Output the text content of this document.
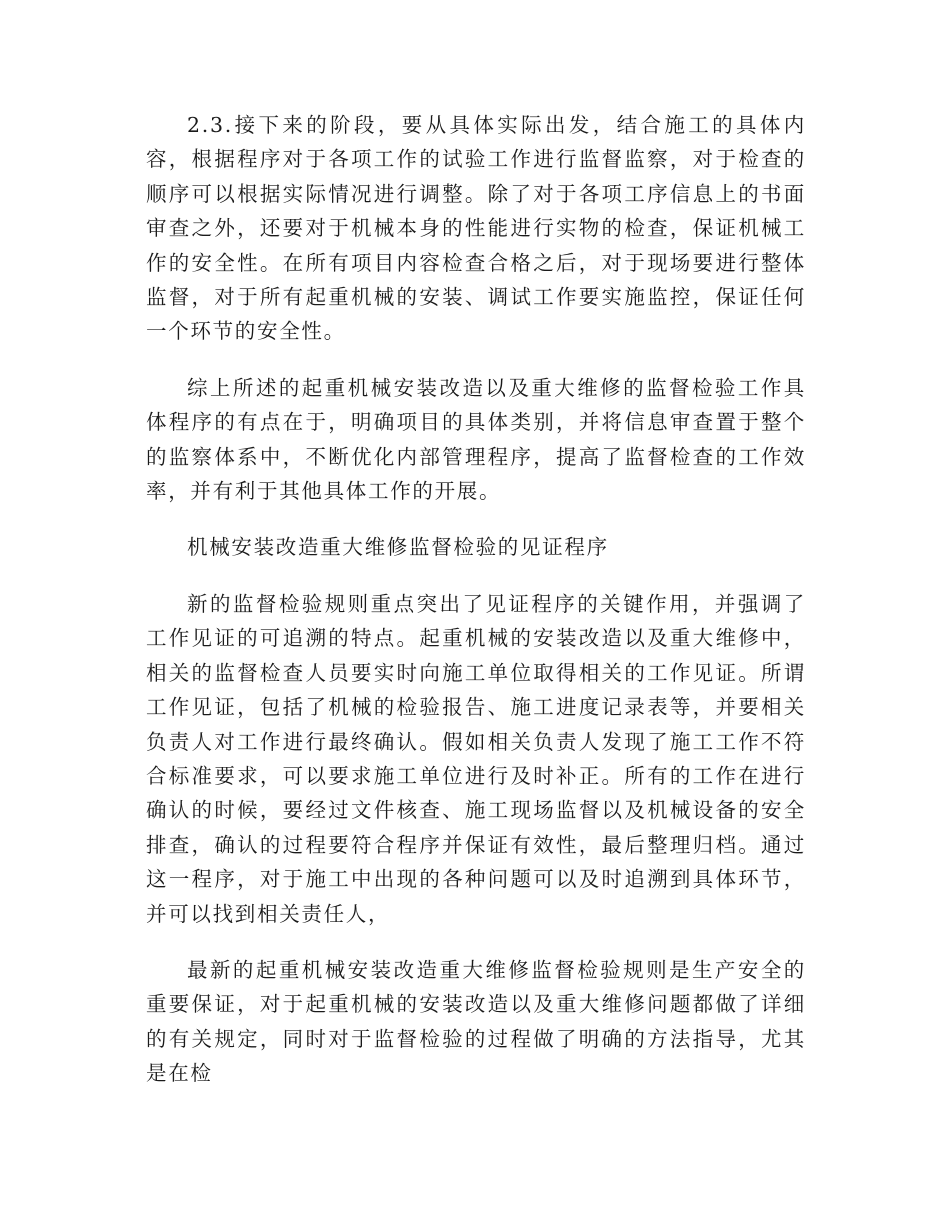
2.3.接下来的阶段，要从具体实际出发，结合施工的具体内容，根据程序对于各项工作的试验工作进行监督监察，对于检查的顺序可以根据实际情况进行调整。除了对于各项工序信息上的书面审查之外，还要对于机械本身的性能进行实物的检查，保证机械工作的安全性。在所有项目内容检查合格之后，对于现场要进行整体监督，对于所有起重机械的安装、调试工作要实施监控，保证任何一个环节的安全性。

综上所述的起重机械安装改造以及重大维修的监督检验工作具体程序的有点在于，明确项目的具体类别，并将信息审查置于整个的监察体系中，不断优化内部管理程序，提高了监督检查的工作效率，并有利于其他具体工作的开展。

机械安装改造重大维修监督检验的见证程序

新的监督检验规则重点突出了见证程序的关键作用，并强调了工作见证的可追溯的特点。起重机械的安装改造以及重大维修中，相关的监督检查人员要实时向施工单位取得相关的工作见证。所谓工作见证，包括了机械的检验报告、施工进度记录表等，并要相关负责人对工作进行最终确认。假如相关负责人发现了施工工作不符合标准要求，可以要求施工单位进行及时补正。所有的工作在进行确认的时候，要经过文件核查、施工现场监督以及机械设备的安全排查，确认的过程要符合程序并保证有效性，最后整理归档。通过这一程序，对于施工中出现的各种问题可以及时追溯到具体环节，并可以找到相关责任人，

最新的起重机械安装改造重大维修监督检验规则是生产安全的重要保证，对于起重机械的安装改造以及重大维修问题都做了详细的有关规定，同时对于监督检验的过程做了明确的方法指导，尤其是在检
